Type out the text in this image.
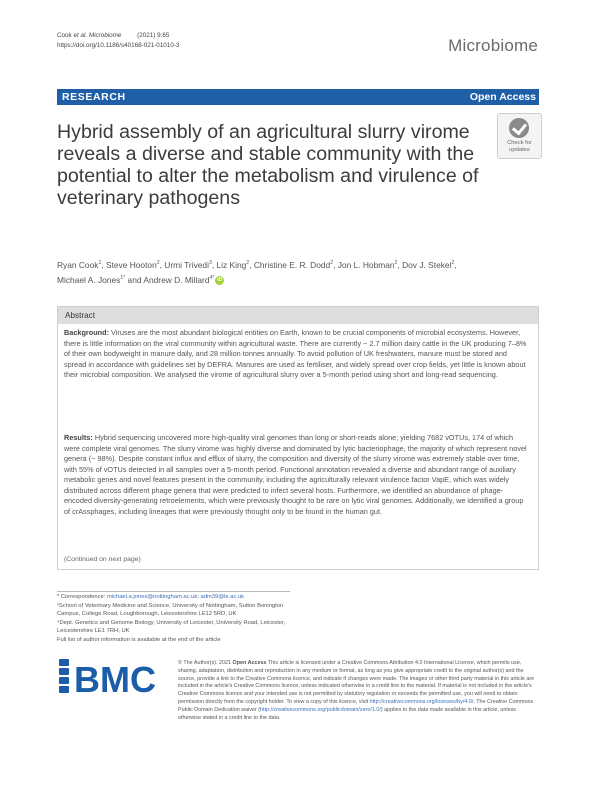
Cook et al. Microbiome	(2021) 9:65
https://doi.org/10.1186/s40168-021-01010-3	Microbiome
RESEARCH	Open Access
Hybrid assembly of an agricultural slurry virome reveals a diverse and stable community with the potential to alter the metabolism and virulence of veterinary pathogens
Check for
updates
Ryan Cook$^1$, Steve Hooton$^2$, Urmi Trivedi$^3$, Liz King$^2$, Christine E. R. Dodd$^2$, Jon L. Hobman$^2$, Dov J. Stekel$^2$,
Michael A. Jones$^{1*}$ and Andrew D. Millard$^{4*}$ iD
Abstract
Background: Viruses are the most abundant biological entities on Earth, known to be crucial components of microbial ecosystems. However, there is little information on the viral community within agricultural waste. There are currently ~ 2.7 million dairy cattle in the UK producing 7–8% of their own bodyweight in manure daily, and 28 million tonnes annually. To avoid pollution of UK freshwaters, manure must be stored and spread in accordance with guidelines set by DEFRA. Manures are used as fertiliser, and widely spread over crop fields, yet little is known about their microbial composition. We analysed the virome of agricultural slurry over a 5-month period using short and long-read sequencing.
Results: Hybrid sequencing uncovered more high-quality viral genomes than long or short-reads alone; yielding 7682 vOTUs, 174 of which were complete viral genomes. The slurry virome was highly diverse and dominated by lytic bacteriophage, the majority of which represent novel genera (~ 98%). Despite constant influx and efflux of slurry, the composition and diversity of the slurry virome was extremely stable over time, with 55% of vOTUs detected in all samples over a 5-month period. Functional annotation revealed a diverse and abundant range of auxiliary metabolic genes and novel features present in the community, including the agriculturally relevant virulence factor VapE, which was widely distributed across different phage genera that were predicted to infect several hosts. Furthermore, we identified an abundance of phage-encoded diversity-generating retroelements, which were previously thought to be rare on lytic viral genomes. Additionally, we identified a group of crAssphages, including lineages that were previously thought only to be found in the human gut.
(Continued on next page)
* Correspondence: michael.a.jones@nottingham.ac.uk; adm39@le.ac.uk
¹School of Veterinary Medicine and Science, University of Nottingham, Sutton Bonington Campus, College Road, Loughborough, Leicestershire LE12 5RD, UK
⁴Dept. Genetics and Genome Biology, University of Leicester, University Road, Leicester, Leicestershire LE1 7RH, UK
Full list of author information is available at the end of the article
BMC	© The Author(s). 2021 Open Access This article is licensed under a Creative Commons Attribution 4.0 International License, which permits use, sharing, adaptation, distribution and reproduction in any medium or format, as long as you give appropriate credit to the original author(s) and the source, provide a link to the Creative Commons licence, and indicate if changes were made. The images or other third party material in this article are included in the article's Creative Commons licence, unless indicated otherwise in a credit line to the material. If material is not included in the article's Creative Commons licence and your intended use is not permitted by statutory regulation or exceeds the permitted use, you will need to obtain permission directly from the copyright holder. To view a copy of this licence, visit http://creativecommons.org/licenses/by/4.0/. The Creative Commons Public Domain Dedication waiver (http://creativecommons.org/publicdomain/zero/1.0/) applies to the data made available in this article, unless otherwise stated in a credit line to the data.
